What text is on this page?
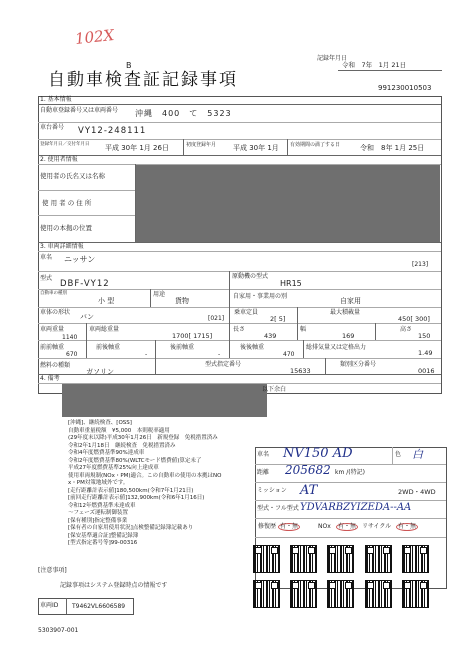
102X
B
自動車検査証記録事項
記録年月日
令和　7年　1月 21日
991230010503
1. 基本情報
自動車登録番号又は車両番号 沖縄　400　て　5323
車台番号 VY12-248111
登録年月日／交付年月日 平成 30年 1月 26日	初度登録年月 平成 30年 1月 有効期間の満了する日	令和　8年 1月 25日
2. 使用者情報
使用者の氏名又は名称
使 用 者 の 住 所
使用の本拠の位置
3. 車両詳細情報
車名 ニッサン
[213]
型式
DBF-VY12
原動機の型式
HR15
自動車の種別
小 型
用途
貨物
自家用・事業用の別
自家用
車体の形状
バン	[021]
乗車定員
2[ 5]
最大積載量
450[ 300]
車両重量
1140
車両総重量
1700[ 1715]
長さ
439
幅
169
高さ
150
前前軸重
670
前後軸重
-
後前軸重
-
後後軸重
470
総排気量又は定格出力
1.49
燃料の種類
ガソリン
型式指定番号
15633
類別区分番号
0016
4. 備考
以下余白
[沖縄]、継続検査、[OSS]
自動車重量税額　¥5,000　本則税率適用
(29年度末以降)平成30年1月26日　新規登録　免税措置済み
令和2年1月18日　継続検査　免税措置済み
令和4年度燃費基準90%達成車
令和2年度燃費基準80%(WLTCモード燃費値)算定未了
平成27年度燃費基準25%向上達成車
使用車両規制(NOx・PM)適合。この自動車の使用の本拠はNO
x・PM対策地域外です。
[走行距離計表示値]180,500km(令和7年1月21日)
[前回走行距離計表示値]132,900km(令和6年1月16日)
令和12年燃費基準未達成車
～フェーズ運転制御装置
[保有種別]指定整備事業
[保有者の自家用使用状況]点検整備記録簿記載あり
[保安基準適合証]整備記録簿
[型式指定番号等]99-00316
車名 NV150 AD	色 白
距離 205682 km /(特記)
ミッション AT	2WD・4WD
型式・フル型式 YDVARBZYIZEDA--AA
修復歴 有・無	NOx	有・無 リサイクル	有・無
[注意事項]
記録事項はシステム登録時点の情報です
車両ID T9462VL6606589
5303907-001
